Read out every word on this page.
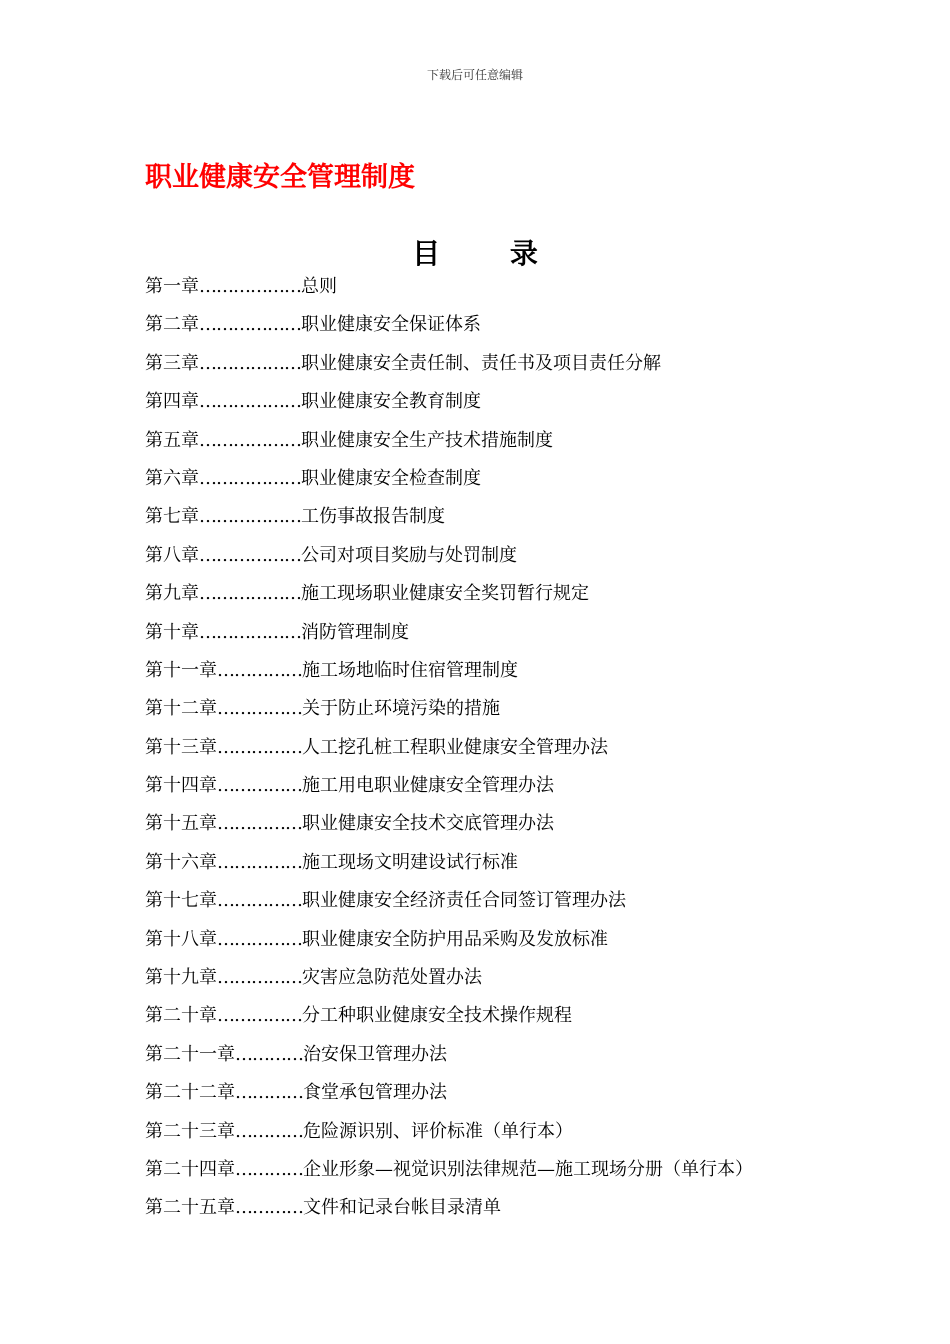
下载后可任意编辑
职业健康安全管理制度
目 录
第一章 ……………… 总则
第二章 ……………… 职业健康安全保证体系
第三章 ……………… 职业健康安全责任制、责任书及项目责任分解
第四章 ……………… 职业健康安全教育制度
第五章 ……………… 职业健康安全生产技术措施制度
第六章 ……………… 职业健康安全检查制度
第七章 ……………… 工伤事故报告制度
第八章 ……………… 公司对项目奖励与处罚制度
第九章 ……………… 施工现场职业健康安全奖罚暂行规定
第十章 ……………… 消防管理制度
第十一章 …………… 施工场地临时住宿管理制度
第十二章 …………… 关于防止环境污染的措施
第十三章 …………… 人工挖孔桩工程职业健康安全管理办法
第十四章 …………… 施工用电职业健康安全管理办法
第十五章 …………… 职业健康安全技术交底管理办法
第十六章 …………… 施工现场文明建设试行标准
第十七章 …………… 职业健康安全经济责任合同签订管理办法
第十八章 …………… 职业健康安全防护用品采购及发放标准
第十九章 …………… 灾害应急防范处置办法
第二十章 …………… 分工种职业健康安全技术操作规程
第二十一章 ………… 治安保卫管理办法
第二十二章 ………… 食堂承包管理办法
第二十三章 ………… 危险源识别、评价标准（单行本）
第二十四章 ………… 企业形象—视觉识别法律规范—施工现场分册（单行本）
第二十五章 ………… 文件和记录台帐目录清单
